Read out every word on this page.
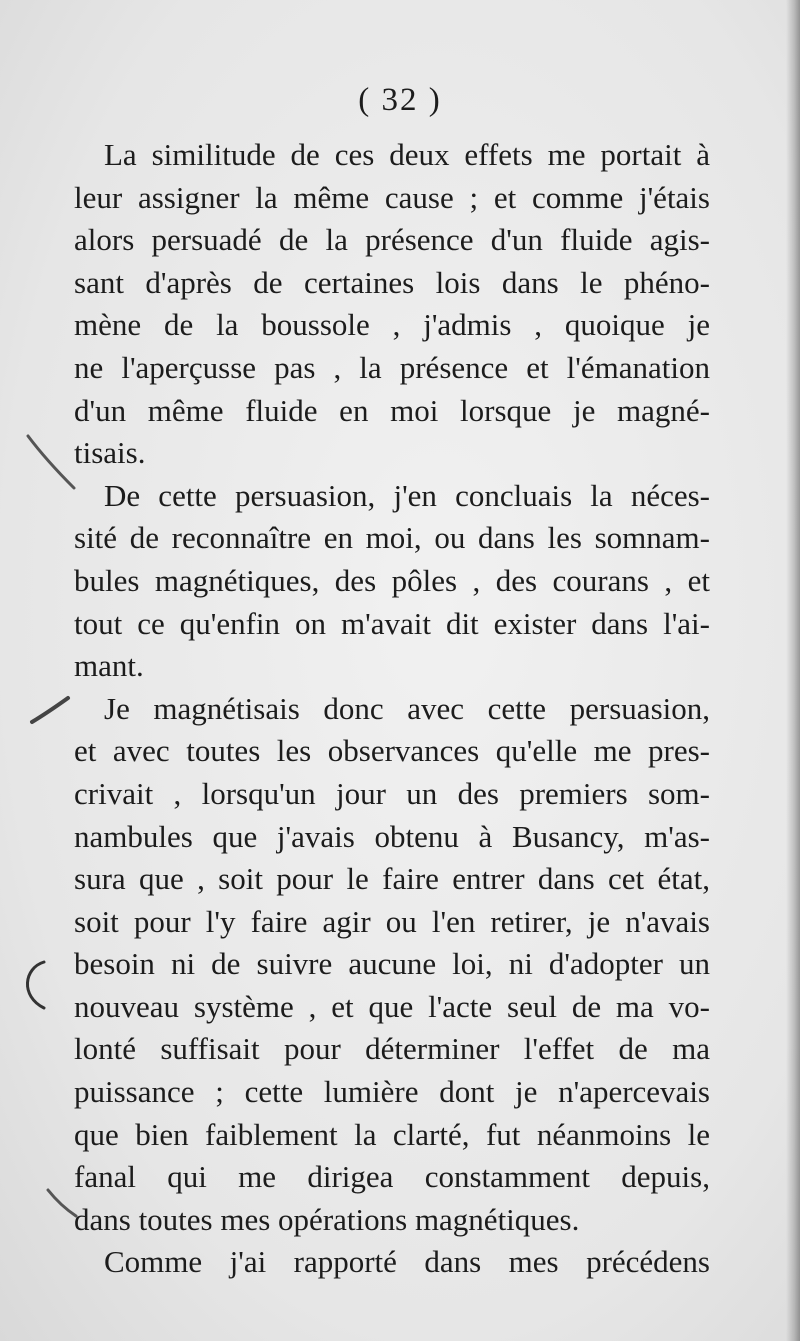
( 32 )
La similitude de ces deux effets me portait à
leur assigner la même cause ; et comme j'étais
alors persuadé de la présence d'un fluide agis-
sant d'après de certaines lois dans le phéno-
mène de la boussole , j'admis , quoique je
ne l'aperçusse pas , la présence et l'émanation
d'un même fluide en moi lorsque je magné-
tisais.
De cette persuasion, j'en concluais la néces-
sité de reconnaître en moi, ou dans les somnam-
bules magnétiques, des pôles , des courans , et
tout ce qu'enfin on m'avait dit exister dans l'ai-
mant.
Je magnétisais donc avec cette persuasion,
et avec toutes les observances qu'elle me pres-
crivait , lorsqu'un jour un des premiers som-
nambules que j'avais obtenu à Busancy, m'as-
sura que , soit pour le faire entrer dans cet état,
soit pour l'y faire agir ou l'en retirer, je n'avais
besoin ni de suivre aucune loi, ni d'adopter un
nouveau système , et que l'acte seul de ma vo-
lonté suffisait pour déterminer l'effet de ma
puissance ; cette lumière dont je n'apercevais
que bien faiblement la clarté, fut néanmoins le
fanal qui me dirigea constamment depuis,
dans toutes mes opérations magnétiques.
Comme j'ai rapporté dans mes précédens
